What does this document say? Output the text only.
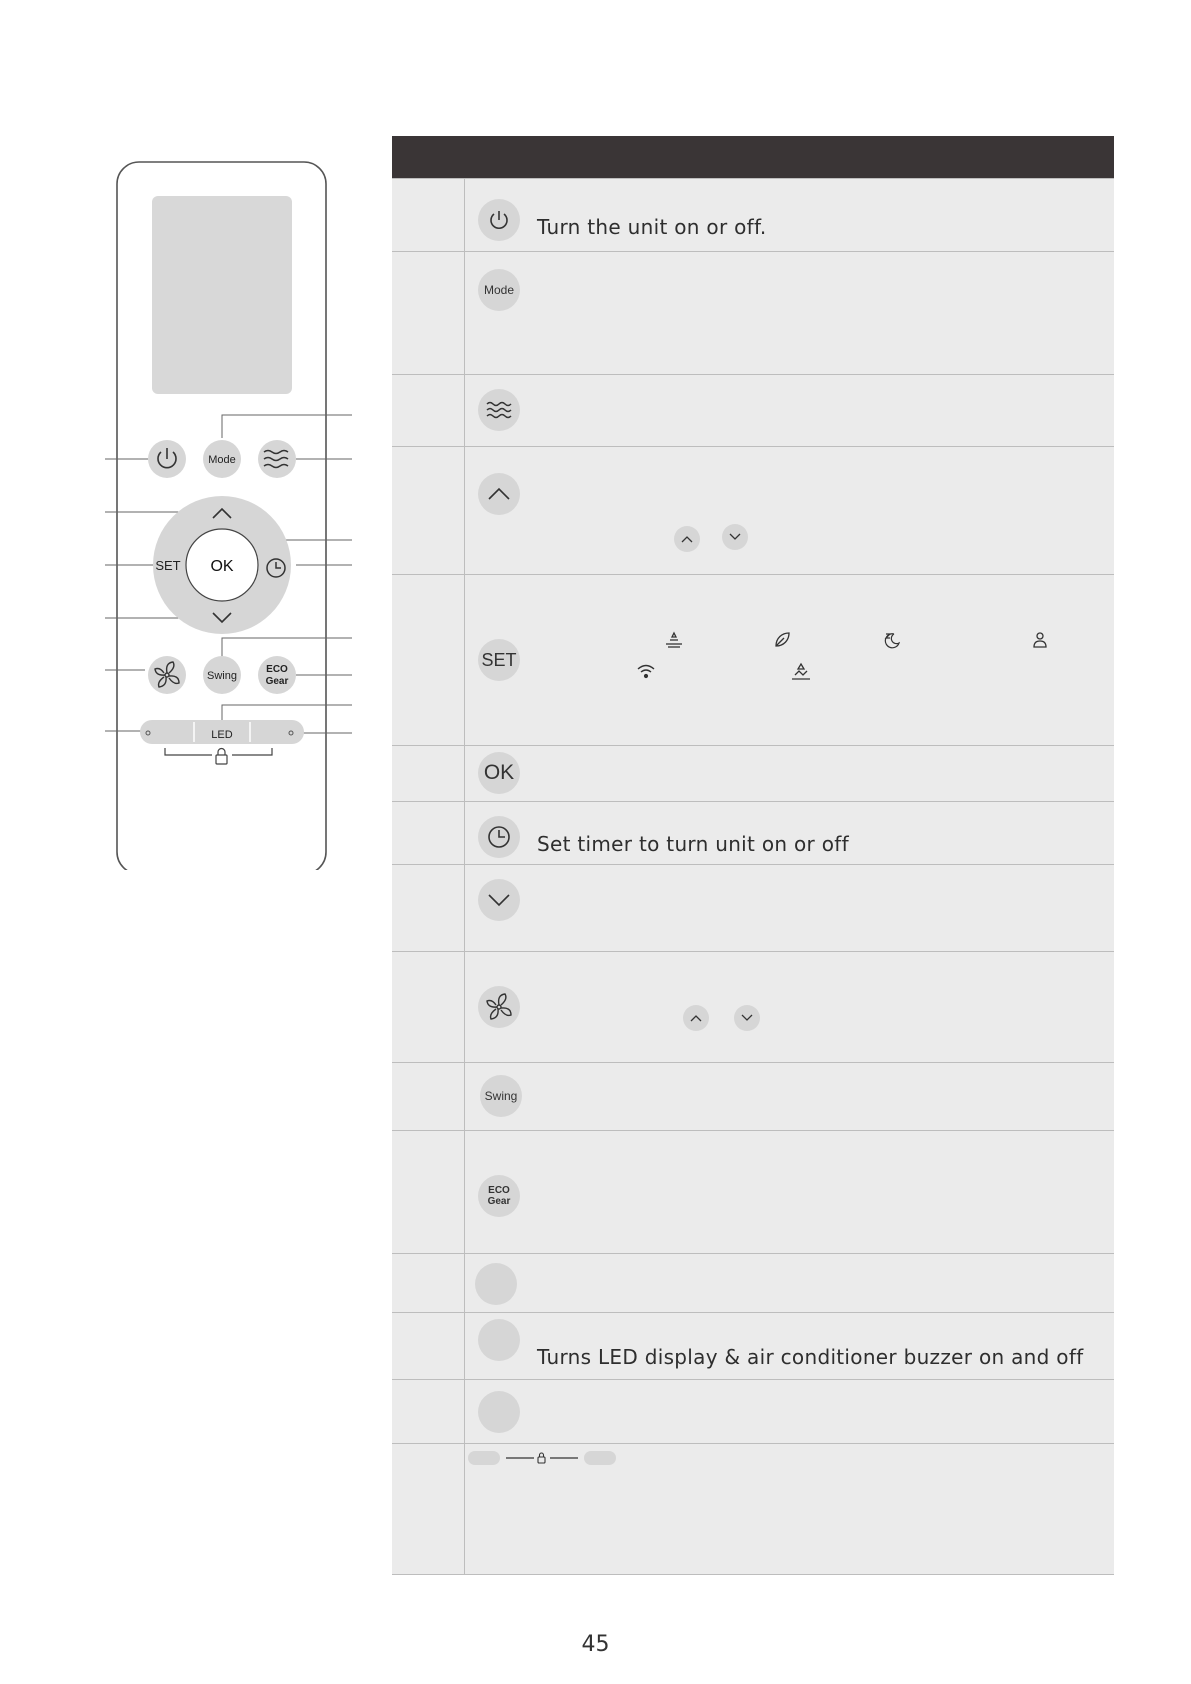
Mode
OK
SET
Swing
ECO
Gear
LED
Turn the unit on or off.
Mode
SET
OK
Set timer to turn unit on or off
Swing
ECO
Gear
Turns LED display & air conditioner buzzer on and off
45
